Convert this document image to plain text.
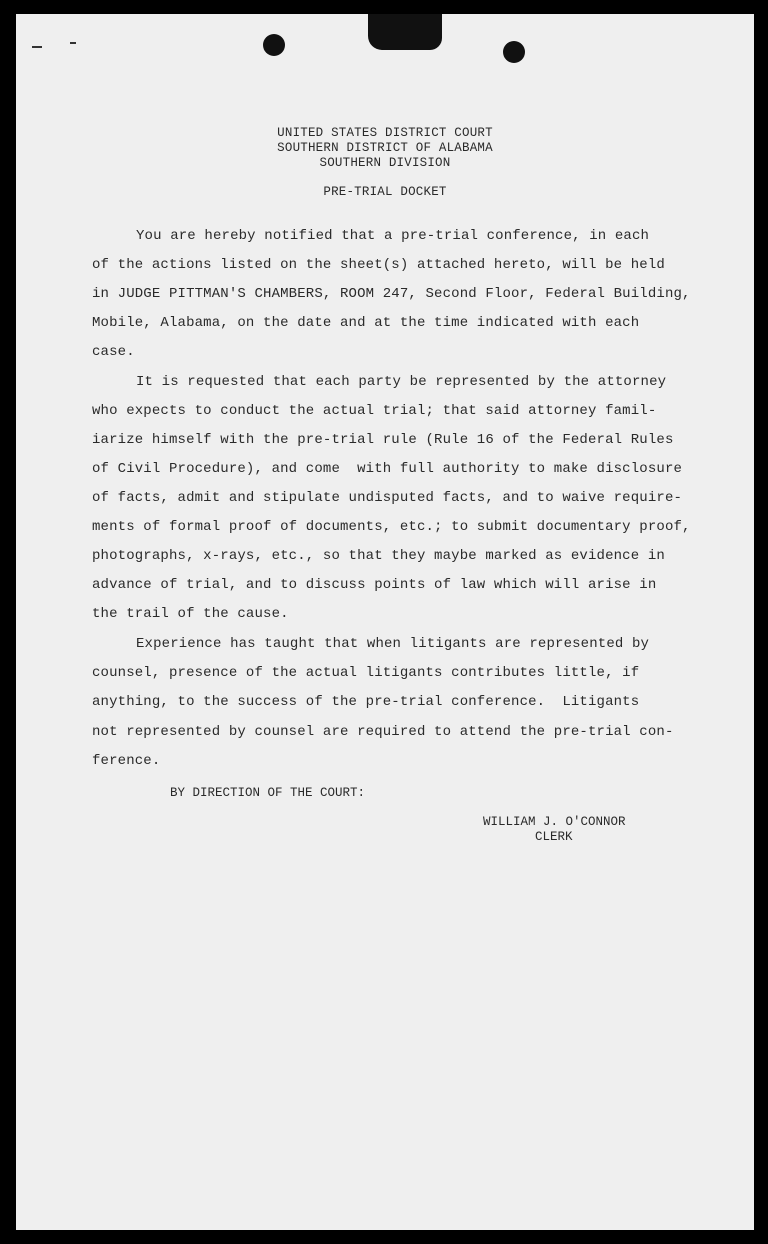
UNITED STATES DISTRICT COURT

SOUTHERN DISTRICT OF ALABAMA

SOUTHERN DIVISION

PRE-TRIAL DOCKET

You are hereby notified that a pre-trial conference, in each

of the actions listed on the sheet(s) attached hereto, will be held

in JUDGE PITTMAN'S CHAMBERS, ROOM 247, Second Floor, Federal Building,

Mobile, Alabama, on the date and at the time indicated with each

case.

It is requested that each party be represented by the attorney

who expects to conduct the actual trial; that said attorney famil-

iarize himself with the pre-trial rule (Rule 16 of the Federal Rules

of Civil Procedure), and come  with full authority to make disclosure

of facts, admit and stipulate undisputed facts, and to waive require-

ments of formal proof of documents, etc.; to submit documentary proof,

photographs, x-rays, etc., so that they maybe marked as evidence in

advance of trial, and to discuss points of law which will arise in

the trail of the cause.

Experience has taught that when litigants are represented by

counsel, presence of the actual litigants contributes little, if

anything, to the success of the pre-trial conference.  Litigants

not represented by counsel are required to attend the pre-trial con-

ference.

BY DIRECTION OF THE COURT:

WILLIAM J. O'CONNOR

CLERK
